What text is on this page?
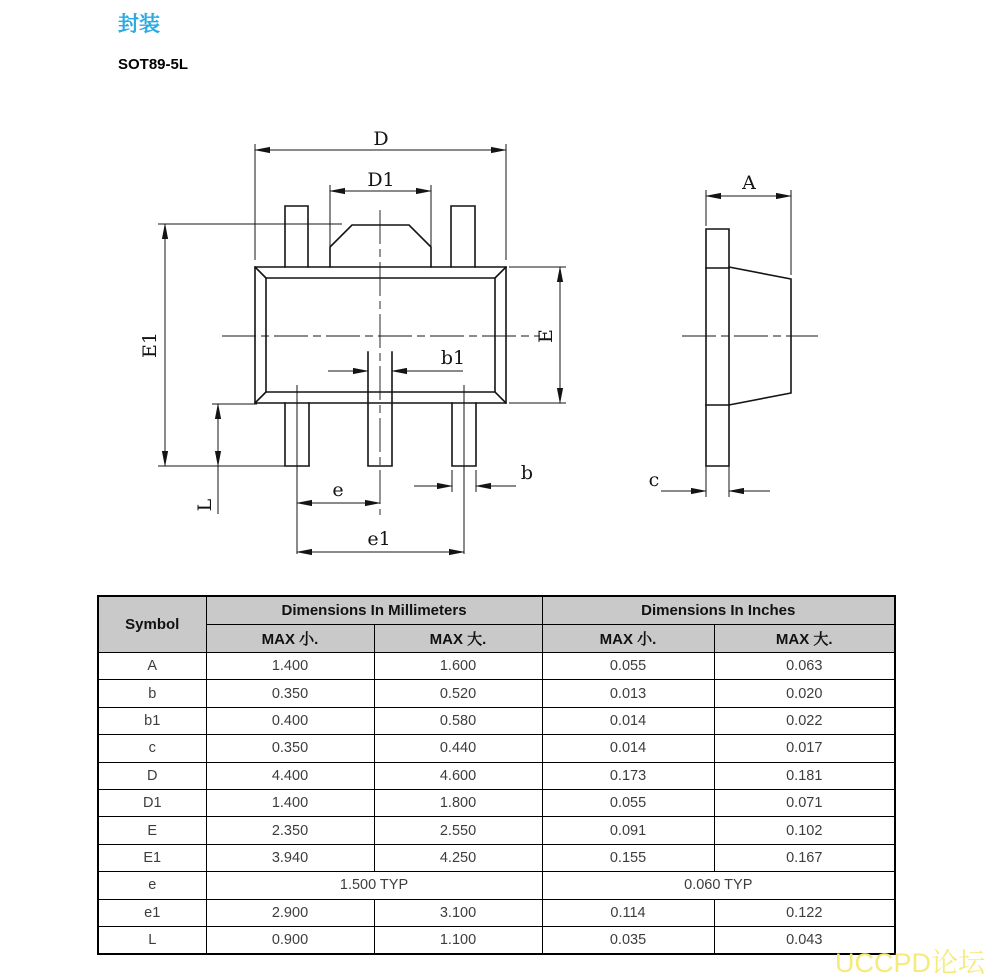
封装
SOT89-5L
D
D1
E1	E
b1
b
e
e1
L
A
c
Symbol	Dimensions In Millimeters		Dimensions In Inches	
	MAX 小.	MAX 大.	MAX 小.	MAX 大.
A	1.400	1.600	0.055	0.063
b	0.350	0.520	0.013	0.020
b1	0.400	0.580	0.014	0.022
c	0.350	0.440	0.014	0.017
D	4.400	4.600	0.173	0.181
D1	1.400	1.800	0.055	0.071
E	2.350	2.550	0.091	0.102
E1	3.940	4.250	0.155	0.167
e	1.500 TYP		0.060 TYP	
e1	2.900	3.100	0.114	0.122
L	0.900	1.100	0.035	0.043
UCCPD论坛
